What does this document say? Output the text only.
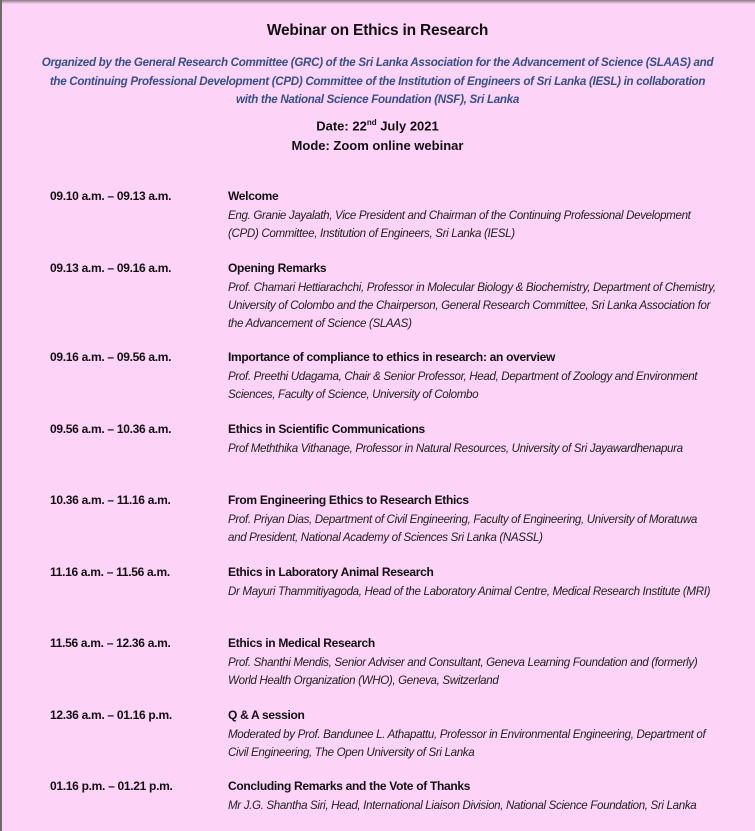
Webinar on Ethics in Research
Organized by the General Research Committee (GRC) of the Sri Lanka Association for the Advancement of Science (SLAAS) and the Continuing Professional Development (CPD) Committee of the Institution of Engineers of Sri Lanka (IESL) in collaboration with the National Science Foundation (NSF), Sri Lanka
Date: 22nd July 2021
Mode: Zoom online webinar
09.10 a.m. – 09.13 a.m.	Welcome
Eng. Granie Jayalath, Vice President and Chairman of the Continuing Professional Development (CPD) Committee, Institution of Engineers, Sri Lanka (IESL)
09.13 a.m. – 09.16 a.m.	Opening Remarks
Prof. Chamari Hettiarachchi, Professor in Molecular Biology & Biochemistry, Department of Chemistry, University of Colombo and the Chairperson, General Research Committee, Sri Lanka Association for the Advancement of Science (SLAAS)
09.16 a.m. – 09.56 a.m.	Importance of compliance to ethics in research: an overview
Prof. Preethi Udagama, Chair & Senior Professor, Head, Department of Zoology and Environment Sciences, Faculty of Science, University of Colombo
09.56 a.m. – 10.36 a.m.	Ethics in Scientific Communications
Prof Meththika Vithanage, Professor in Natural Resources, University of Sri Jayawardhenapura
10.36 a.m. – 11.16 a.m.	From Engineering Ethics to Research Ethics
Prof. Priyan Dias, Department of Civil Engineering, Faculty of Engineering, University of Moratuwa and President, National Academy of Sciences Sri Lanka (NASSL)
11.16 a.m. – 11.56 a.m.	Ethics in Laboratory Animal Research
Dr Mayuri Thammitiyagoda, Head of the Laboratory Animal Centre, Medical Research Institute (MRI)
11.56 a.m. – 12.36 a.m.	Ethics in Medical Research
Prof. Shanthi Mendis, Senior Adviser and Consultant, Geneva Learning Foundation and (formerly) World Health Organization (WHO), Geneva, Switzerland
12.36 a.m. – 01.16 p.m.	Q & A session
Moderated by Prof. Bandunee L. Athapattu, Professor in Environmental Engineering, Department of Civil Engineering, The Open University of Sri Lanka
01.16 p.m. – 01.21 p.m.	Concluding Remarks and the Vote of Thanks
Mr J.G. Shantha Siri, Head, International Liaison Division, National Science Foundation, Sri Lanka
